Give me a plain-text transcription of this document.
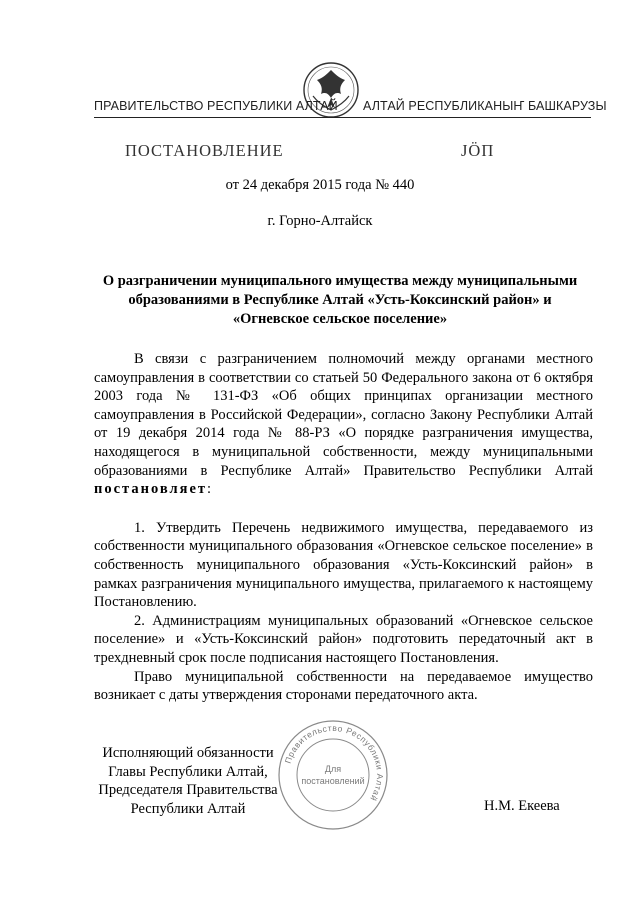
ПРАВИТЕЛЬСТВО РЕСПУБЛИКИ АЛТАЙ АЛТАЙ РЕСПУБЛИКАНЫҤ БАШКАРУЗЫ
ПОСТАНОВЛЕНИЕ	JÖП
от 24 декабря 2015 года № 440
г. Горно-Алтайск
О разграничении муниципального имущества между муниципальными
образованиями в Республике Алтай «Усть-Коксинский район» и
«Огневское сельское поселение»

В связи с разграничением полномочий между органами местного самоуправления в соответствии со статьей 50 Федерального закона от 6 октября 2003 года № 131-ФЗ «Об общих принципах организации местного самоуправления в Российской Федерации», согласно Закону Республики Алтай от 19 декабря 2014 года № 88-РЗ «О порядке разграничения имущества, находящегося в муниципальной собственности, между муниципальными образованиями в Республике Алтай» Правительство Республики Алтай постановляет:

1. Утвердить Перечень недвижимого имущества, передаваемого из собственности муниципального образования «Огневское сельское поселение» в собственность муниципального образования «Усть-Коксинский район» в рамках разграничения муниципального имущества, прилагаемого к настоящему Постановлению.

2. Администрациям муниципальных образований «Огневское сельское поселение» и «Усть-Коксинский район» подготовить передаточный акт в трехдневный срок после подписания настоящего Постановления.

Право муниципальной собственности на передаваемое имущество возникает с даты утверждения сторонами передаточного акта.

Исполняющий обязанности
Главы Республики Алтай,
Председателя Правительства
Республики Алтай
Правительство Республики Алтай
Для
постановлений
Н.М. Екеева
